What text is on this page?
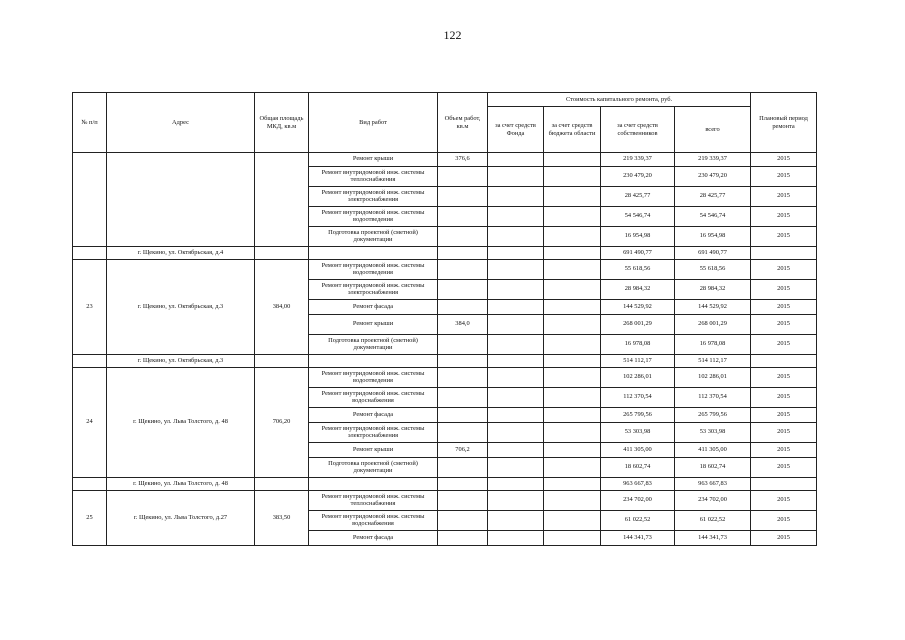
122
№ п/п	Адрес	Общая площадь МКД, кв.м	Вид работ	Объем работ, кв.м	Стоимость капитального ремонта, руб.				Плановый период ремонта
					за счет средств Фонда	за счет средств бюджета области	за счет средств собственников	всего	
			Ремонт крыши	376,6			219 339,37	219 339,37	2015
			Ремонт внутридомовой инж. системы теплоснабжения				230 479,20	230 479,20	2015
			Ремонт внутридомовой инж. системы электроснабжения				28 425,77	28 425,77	2015
			Ремонт внутридомовой инж. системы водоотведения				54 546,74	54 546,74	2015
			Подготовка проектной (сметной) документации				16 954,98	16 954,98	2015
	г. Щекино, ул. Октябрьская, д.4						691 490,77	691 490,77	
23	г. Щекино, ул. Октябрьская, д.3	384,00	Ремонт внутридомовой инж. системы водоотведения				55 618,56	55 618,56	2015
			Ремонт внутридомовой инж. системы электроснабжения				28 984,32	28 984,32	2015
			Ремонт фасада				144 529,92	144 529,92	2015
			Ремонт крыши	384,0			268 001,29	268 001,29	2015
			Подготовка проектной (сметной) документации				16 978,08	16 978,08	2015
	г. Щекино, ул. Октябрьская, д.3						514 112,17	514 112,17	
24	г. Щекино, ул. Льва Толстого, д. 48	706,20	Ремонт внутридомовой инж. системы водоотведения				102 286,01	102 286,01	2015
			Ремонт внутридомовой инж. системы водоснабжения				112 370,54	112 370,54	2015
			Ремонт фасада				265 799,56	265 799,56	2015
			Ремонт внутридомовой инж. системы электроснабжения				53 303,98	53 303,98	2015
			Ремонт крыши	706,2			411 305,00	411 305,00	2015
			Подготовка проектной (сметной) документации				18 602,74	18 602,74	2015
	г. Щекино, ул. Льва Толстого, д. 48						963 667,83	963 667,83	
25	г. Щекино, ул. Льва Толстого, д.27	383,50	Ремонт внутридомовой инж. системы теплоснабжения				234 702,00	234 702,00	2015
			Ремонт внутридомовой инж. системы водоснабжения				61 022,52	61 022,52	2015
			Ремонт фасада				144 341,73	144 341,73	2015
